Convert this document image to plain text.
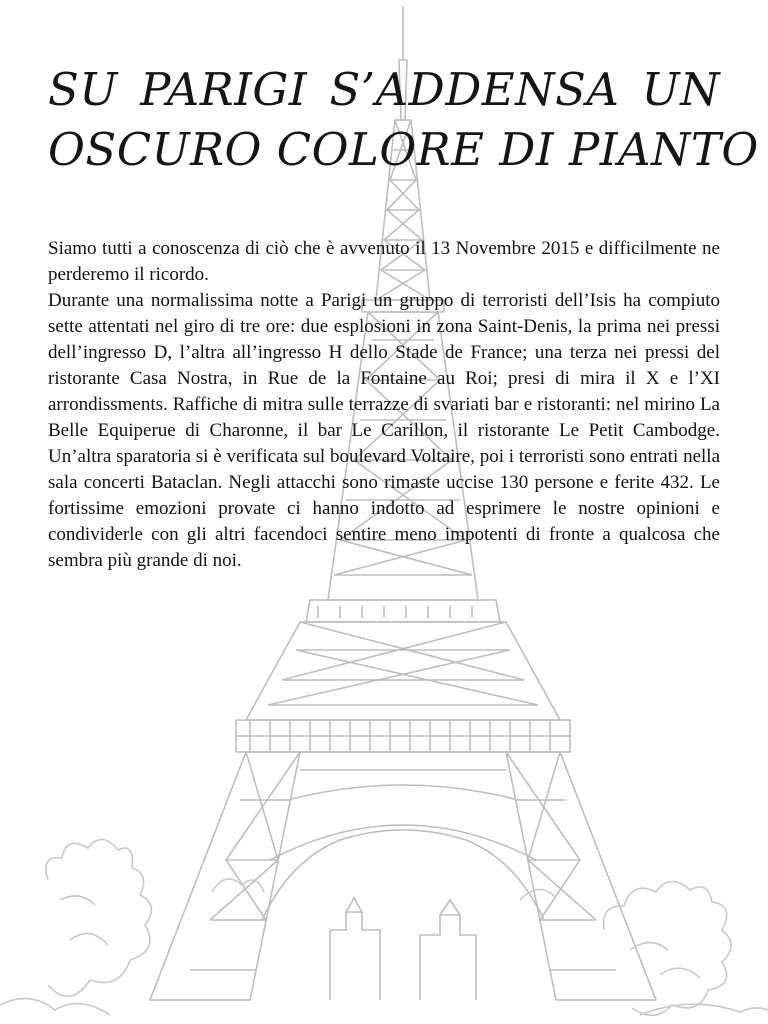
SU PARIGI S’ADDENSA UN
OSCURO COLORE DI PIANTO

Siamo tutti a conoscenza di ciò che è avvenuto il 13 Novembre 2015 e difficilmente ne perderemo il ricordo.

Durante una normalissima notte a Parigi un gruppo di terroristi dell’Isis ha compiuto sette attentati nel giro di tre ore: due esplosioni in zona Saint-Denis, la prima nei pressi dell’ingresso D, l’altra all’ingresso H dello Stade de France; una terza nei pressi del ristorante Casa Nostra, in Rue de la Fontaine au Roi; presi di mira il X e l’XI arrondissments. Raffiche di mitra sulle terrazze di svariati bar e ristoranti: nel mirino La Belle Equiperue di Charonne, il bar Le Carillon, il ristorante Le Petit Cambodge. Un’altra sparatoria si è verificata sul boulevard Voltaire, poi i terroristi sono entrati nella sala concerti Bataclan. Negli attacchi sono rimaste uccise 130 persone e ferite 432. Le fortissime emozioni provate ci hanno indotto ad esprimere le nostre opinioni e condividerle con gli altri facendoci sentire meno impotenti di fronte a qualcosa che sembra più grande di noi.
